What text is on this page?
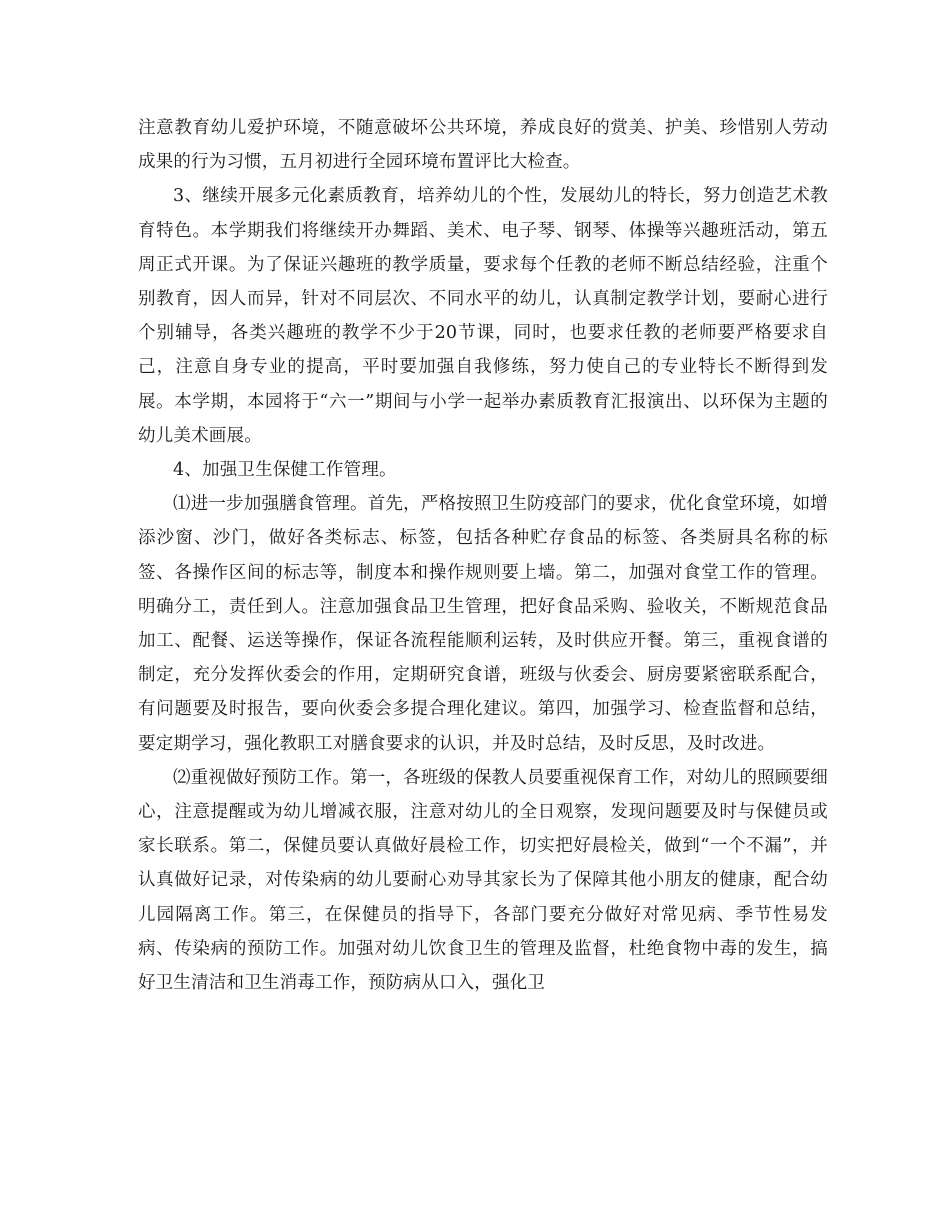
注意教育幼儿爱护环境，不随意破坏公共环境，养成良好的赏美、护美、珍惜别人劳动成果的行为习惯，五月初进行全园环境布置评比大检查。

3、继续开展多元化素质教育，培养幼儿的个性，发展幼儿的特长，努力创造艺术教育特色。本学期我们将继续开办舞蹈、美术、电子琴、钢琴、体操等兴趣班活动，第五周正式开课。为了保证兴趣班的教学质量，要求每个任教的老师不断总结经验，注重个别教育，因人而异，针对不同层次、不同水平的幼儿，认真制定教学计划，要耐心进行个别辅导，各类兴趣班的教学不少于20节课，同时，也要求任教的老师要严格要求自己，注意自身专业的提高，平时要加强自我修练，努力使自己的专业特长不断得到发展。本学期，本园将于“六一”期间与小学一起举办素质教育汇报演出、以环保为主题的幼儿美术画展。

4、加强卫生保健工作管理。

⑴进一步加强膳食管理。首先，严格按照卫生防疫部门的要求，优化食堂环境，如增添沙窗、沙门，做好各类标志、标签，包括各种贮存食品的标签、各类厨具名称的标签、各操作区间的标志等，制度本和操作规则要上墙。第二，加强对食堂工作的管理。明确分工，责任到人。注意加强食品卫生管理，把好食品采购、验收关，不断规范食品加工、配餐、运送等操作，保证各流程能顺利运转，及时供应开餐。第三，重视食谱的制定，充分发挥伙委会的作用，定期研究食谱，班级与伙委会、厨房要紧密联系配合，有问题要及时报告，要向伙委会多提合理化建议。第四，加强学习、检查监督和总结，要定期学习，强化教职工对膳食要求的认识，并及时总结，及时反思，及时改进。

⑵重视做好预防工作。第一，各班级的保教人员要重视保育工作，对幼儿的照顾要细心，注意提醒或为幼儿增减衣服，注意对幼儿的全日观察，发现问题要及时与保健员或家长联系。第二，保健员要认真做好晨检工作，切实把好晨检关，做到“一个不漏”，并认真做好记录，对传染病的幼儿要耐心劝导其家长为了保障其他小朋友的健康，配合幼儿园隔离工作。第三，在保健员的指导下，各部门要充分做好对常见病、季节性易发病、传染病的预防工作。加强对幼儿饮食卫生的管理及监督，杜绝食物中毒的发生，搞好卫生清洁和卫生消毒工作，预防病从口入，强化卫
